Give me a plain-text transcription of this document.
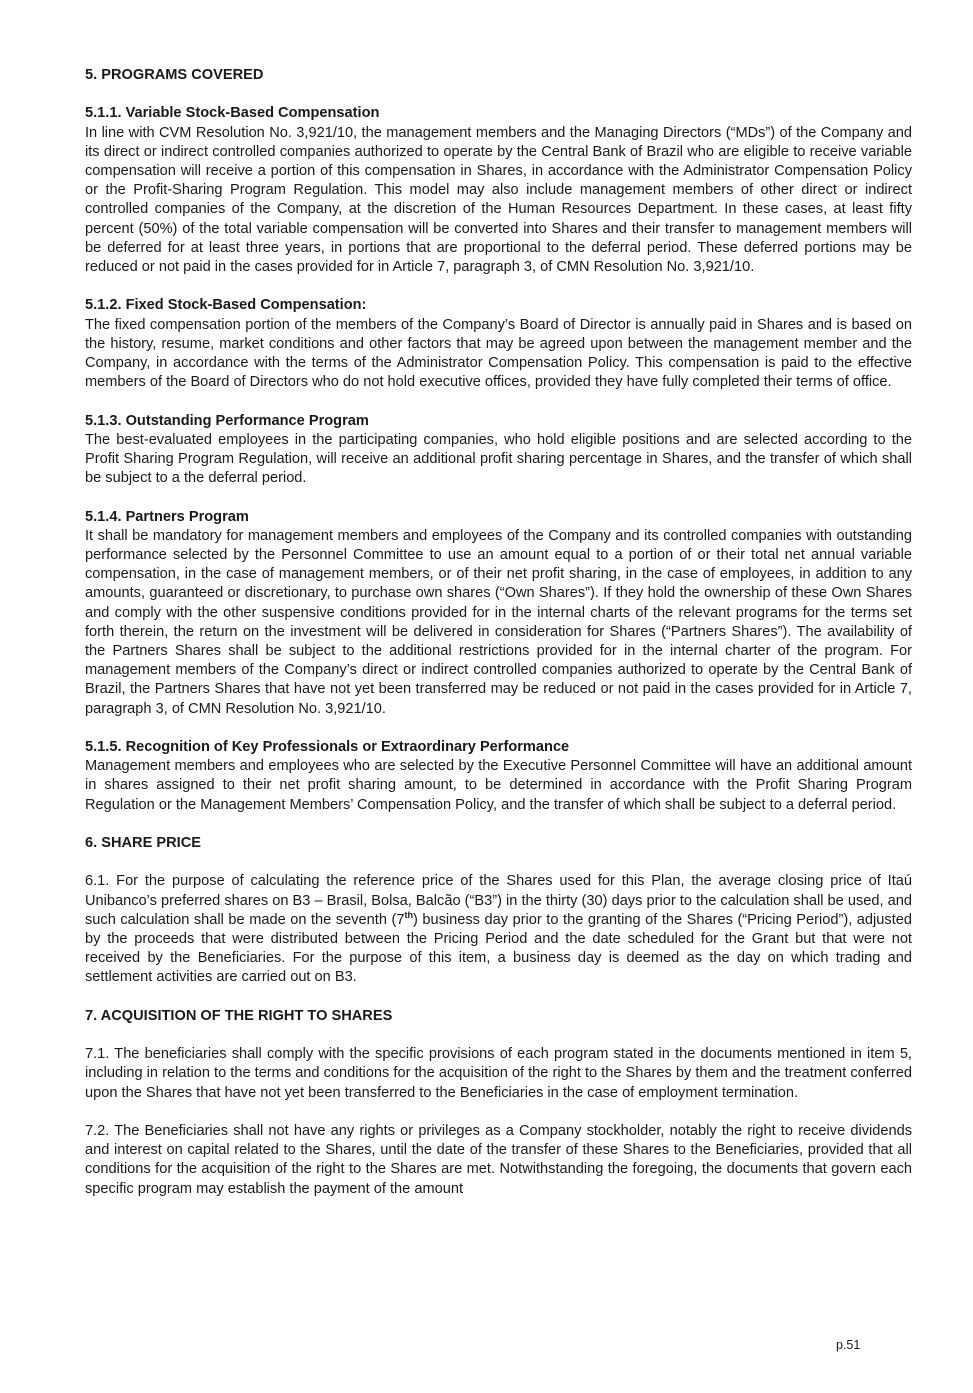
5. PROGRAMS COVERED
5.1.1. Variable Stock-Based Compensation

In line with CVM Resolution No. 3,921/10, the management members and the Managing Directors (“MDs”) of the Company and its direct or indirect controlled companies authorized to operate by the Central Bank of Brazil who are eligible to receive variable compensation will receive a portion of this compensation in Shares, in accordance with the Administrator Compensation Policy or the Profit-Sharing Program Regulation. This model may also include management members of other direct or indirect controlled companies of the Company, at the discretion of the Human Resources Department. In these cases, at least fifty percent (50%) of the total variable compensation will be converted into Shares and their transfer to management members will be deferred for at least three years, in portions that are proportional to the deferral period. These deferred portions may be reduced or not paid in the cases provided for in Article 7, paragraph 3, of CMN Resolution No. 3,921/10.

5.1.2. Fixed Stock-Based Compensation:

The fixed compensation portion of the members of the Company’s Board of Director is annually paid in Shares and is based on the history, resume, market conditions and other factors that may be agreed upon between the management member and the Company, in accordance with the terms of the Administrator Compensation Policy. This compensation is paid to the effective members of the Board of Directors who do not hold executive offices, provided they have fully completed their terms of office.

5.1.3. Outstanding Performance Program

The best-evaluated employees in the participating companies, who hold eligible positions and are selected according to the Profit Sharing Program Regulation, will receive an additional profit sharing percentage in Shares, and the transfer of which shall be subject to a the deferral period.

5.1.4. Partners Program

It shall be mandatory for management members and employees of the Company and its controlled companies with outstanding performance selected by the Personnel Committee to use an amount equal to a portion of or their total net annual variable compensation, in the case of management members, or of their net profit sharing, in the case of employees, in addition to any amounts, guaranteed or discretionary, to purchase own shares (“Own Shares”). If they hold the ownership of these Own Shares and comply with the other suspensive conditions provided for in the internal charts of the relevant programs for the terms set forth therein, the return on the investment will be delivered in consideration for Shares (“Partners Shares”). The availability of the Partners Shares shall be subject to the additional restrictions provided for in the internal charter of the program. For management members of the Company’s direct or indirect controlled companies authorized to operate by the Central Bank of Brazil, the Partners Shares that have not yet been transferred may be reduced or not paid in the cases provided for in Article 7, paragraph 3, of CMN Resolution No. 3,921/10.

5.1.5. Recognition of Key Professionals or Extraordinary Performance

Management members and employees who are selected by the Executive Personnel Committee will have an additional amount in shares assigned to their net profit sharing amount, to be determined in accordance with the Profit Sharing Program Regulation or the Management Members’ Compensation Policy, and the transfer of which shall be subject to a deferral period.

6. SHARE PRICE

6.1. For the purpose of calculating the reference price of the Shares used for this Plan, the average closing price of Itaú Unibanco’s preferred shares on B3 – Brasil, Bolsa, Balcão (“B3”) in the thirty (30) days prior to the calculation shall be used, and such calculation shall be made on the seventh (7th) business day prior to the granting of the Shares (“Pricing Period”), adjusted by the proceeds that were distributed between the Pricing Period and the date scheduled for the Grant but that were not received by the Beneficiaries. For the purpose of this item, a business day is deemed as the day on which trading and settlement activities are carried out on B3.

7. ACQUISITION OF THE RIGHT TO SHARES

7.1. The beneficiaries shall comply with the specific provisions of each program stated in the documents mentioned in item 5, including in relation to the terms and conditions for the acquisition of the right to the Shares by them and the treatment conferred upon the Shares that have not yet been transferred to the Beneficiaries in the case of employment termination.

7.2. The Beneficiaries shall not have any rights or privileges as a Company stockholder, notably the right to receive dividends and interest on capital related to the Shares, until the date of the transfer of these Shares to the Beneficiaries, provided that all conditions for the acquisition of the right to the Shares are met. Notwithstanding the foregoing, the documents that govern each specific program may establish the payment of the amount

p.51
